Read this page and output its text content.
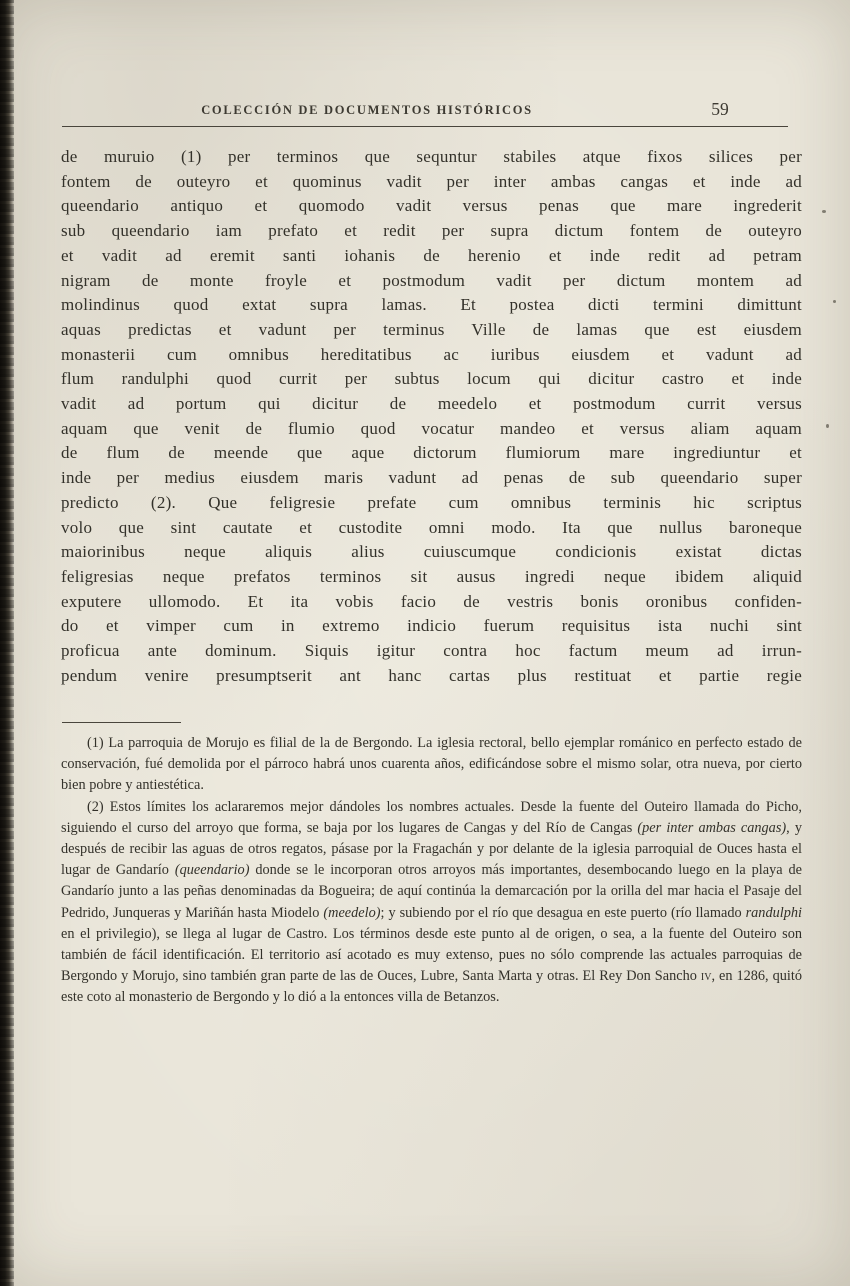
COLECCIÓN DE DOCUMENTOS HISTÓRICOS	59
de muruio (1) per terminos que sequntur stabiles atque fixos silices per
fontem de outeyro et quominus vadit per inter ambas cangas et inde ad
queendario antiquo et quomodo vadit versus penas que mare ingrederit
sub queendario iam prefato et redit per supra dictum fontem de outeyro
et vadit ad eremit santi iohanis de herenio et inde redit ad petram
nigram de monte froyle et postmodum vadit per dictum montem ad
molindinus quod extat supra lamas. Et postea dicti termini dimittunt
aquas predictas et vadunt per terminus Ville de lamas que est eiusdem
monasterii cum omnibus hereditatibus ac iuribus eiusdem et vadunt ad
flum randulphi quod currit per subtus locum qui dicitur castro et inde
vadit ad portum qui dicitur de meedelo et postmodum currit versus
aquam que venit de flumio quod vocatur mandeo et versus aliam aquam
de flum de meende que aque dictorum flumiorum mare ingrediuntur et
inde per medius eiusdem maris vadunt ad penas de sub queendario super
predicto (2). Que feligresie prefate cum omnibus terminis hic scriptus
volo que sint cautate et custodite omni modo. Ita que nullus baroneque
maiorinibus neque aliquis alius cuiuscumque condicionis existat dictas
feligresias neque prefatos terminos sit ausus ingredi neque ibidem aliquid
exputere ullomodo. Et ita vobis facio de vestris bonis oronibus confiden-
do et vimper cum in extremo indicio fuerum requisitus ista nuchi sint
proficua ante dominum. Siquis igitur contra hoc factum meum ad irrun-
pendum venire presumptserit ant hanc cartas plus restituat et partie regie

(1) La parroquia de Morujo es filial de la de Bergondo. La iglesia rectoral, bello ejemplar románico en perfecto estado de conservación, fué demolida por el párroco habrá unos cuarenta años, edificándose sobre el mismo solar, otra nueva, por cierto bien pobre y antiestética.

(2) Estos límites los aclararemos mejor dándoles los nombres actuales. Desde la fuente del Outeiro llamada do Picho, siguiendo el curso del arroyo que forma, se baja por los lugares de Cangas y del Río de Cangas (per inter ambas cangas), y después de recibir las aguas de otros regatos, pásase por la Fragachán y por delante de la iglesia parroquial de Ouces hasta el lugar de Gandarío (queendario) donde se le incorporan otros arroyos más importantes, desembocando luego en la playa de Gandarío junto a las peñas denominadas da Bogueira; de aquí continúa la demarcación por la orilla del mar hacia el Pasaje del Pedrido, Junqueras y Mariñán hasta Miodelo (meedelo); y subiendo por el río que desagua en este puerto (río llamado randulphi en el privilegio), se llega al lugar de Castro. Los términos desde este punto al de origen, o sea, a la fuente del Outeiro son también de fácil identificación. El territorio así acotado es muy extenso, pues no sólo comprende las actuales parroquias de Bergondo y Morujo, sino también gran parte de las de Ouces, Lubre, Santa Marta y otras. El Rey Don Sancho iv, en 1286, quitó este coto al monasterio de Bergondo y lo dió a la entonces villa de Betanzos.
